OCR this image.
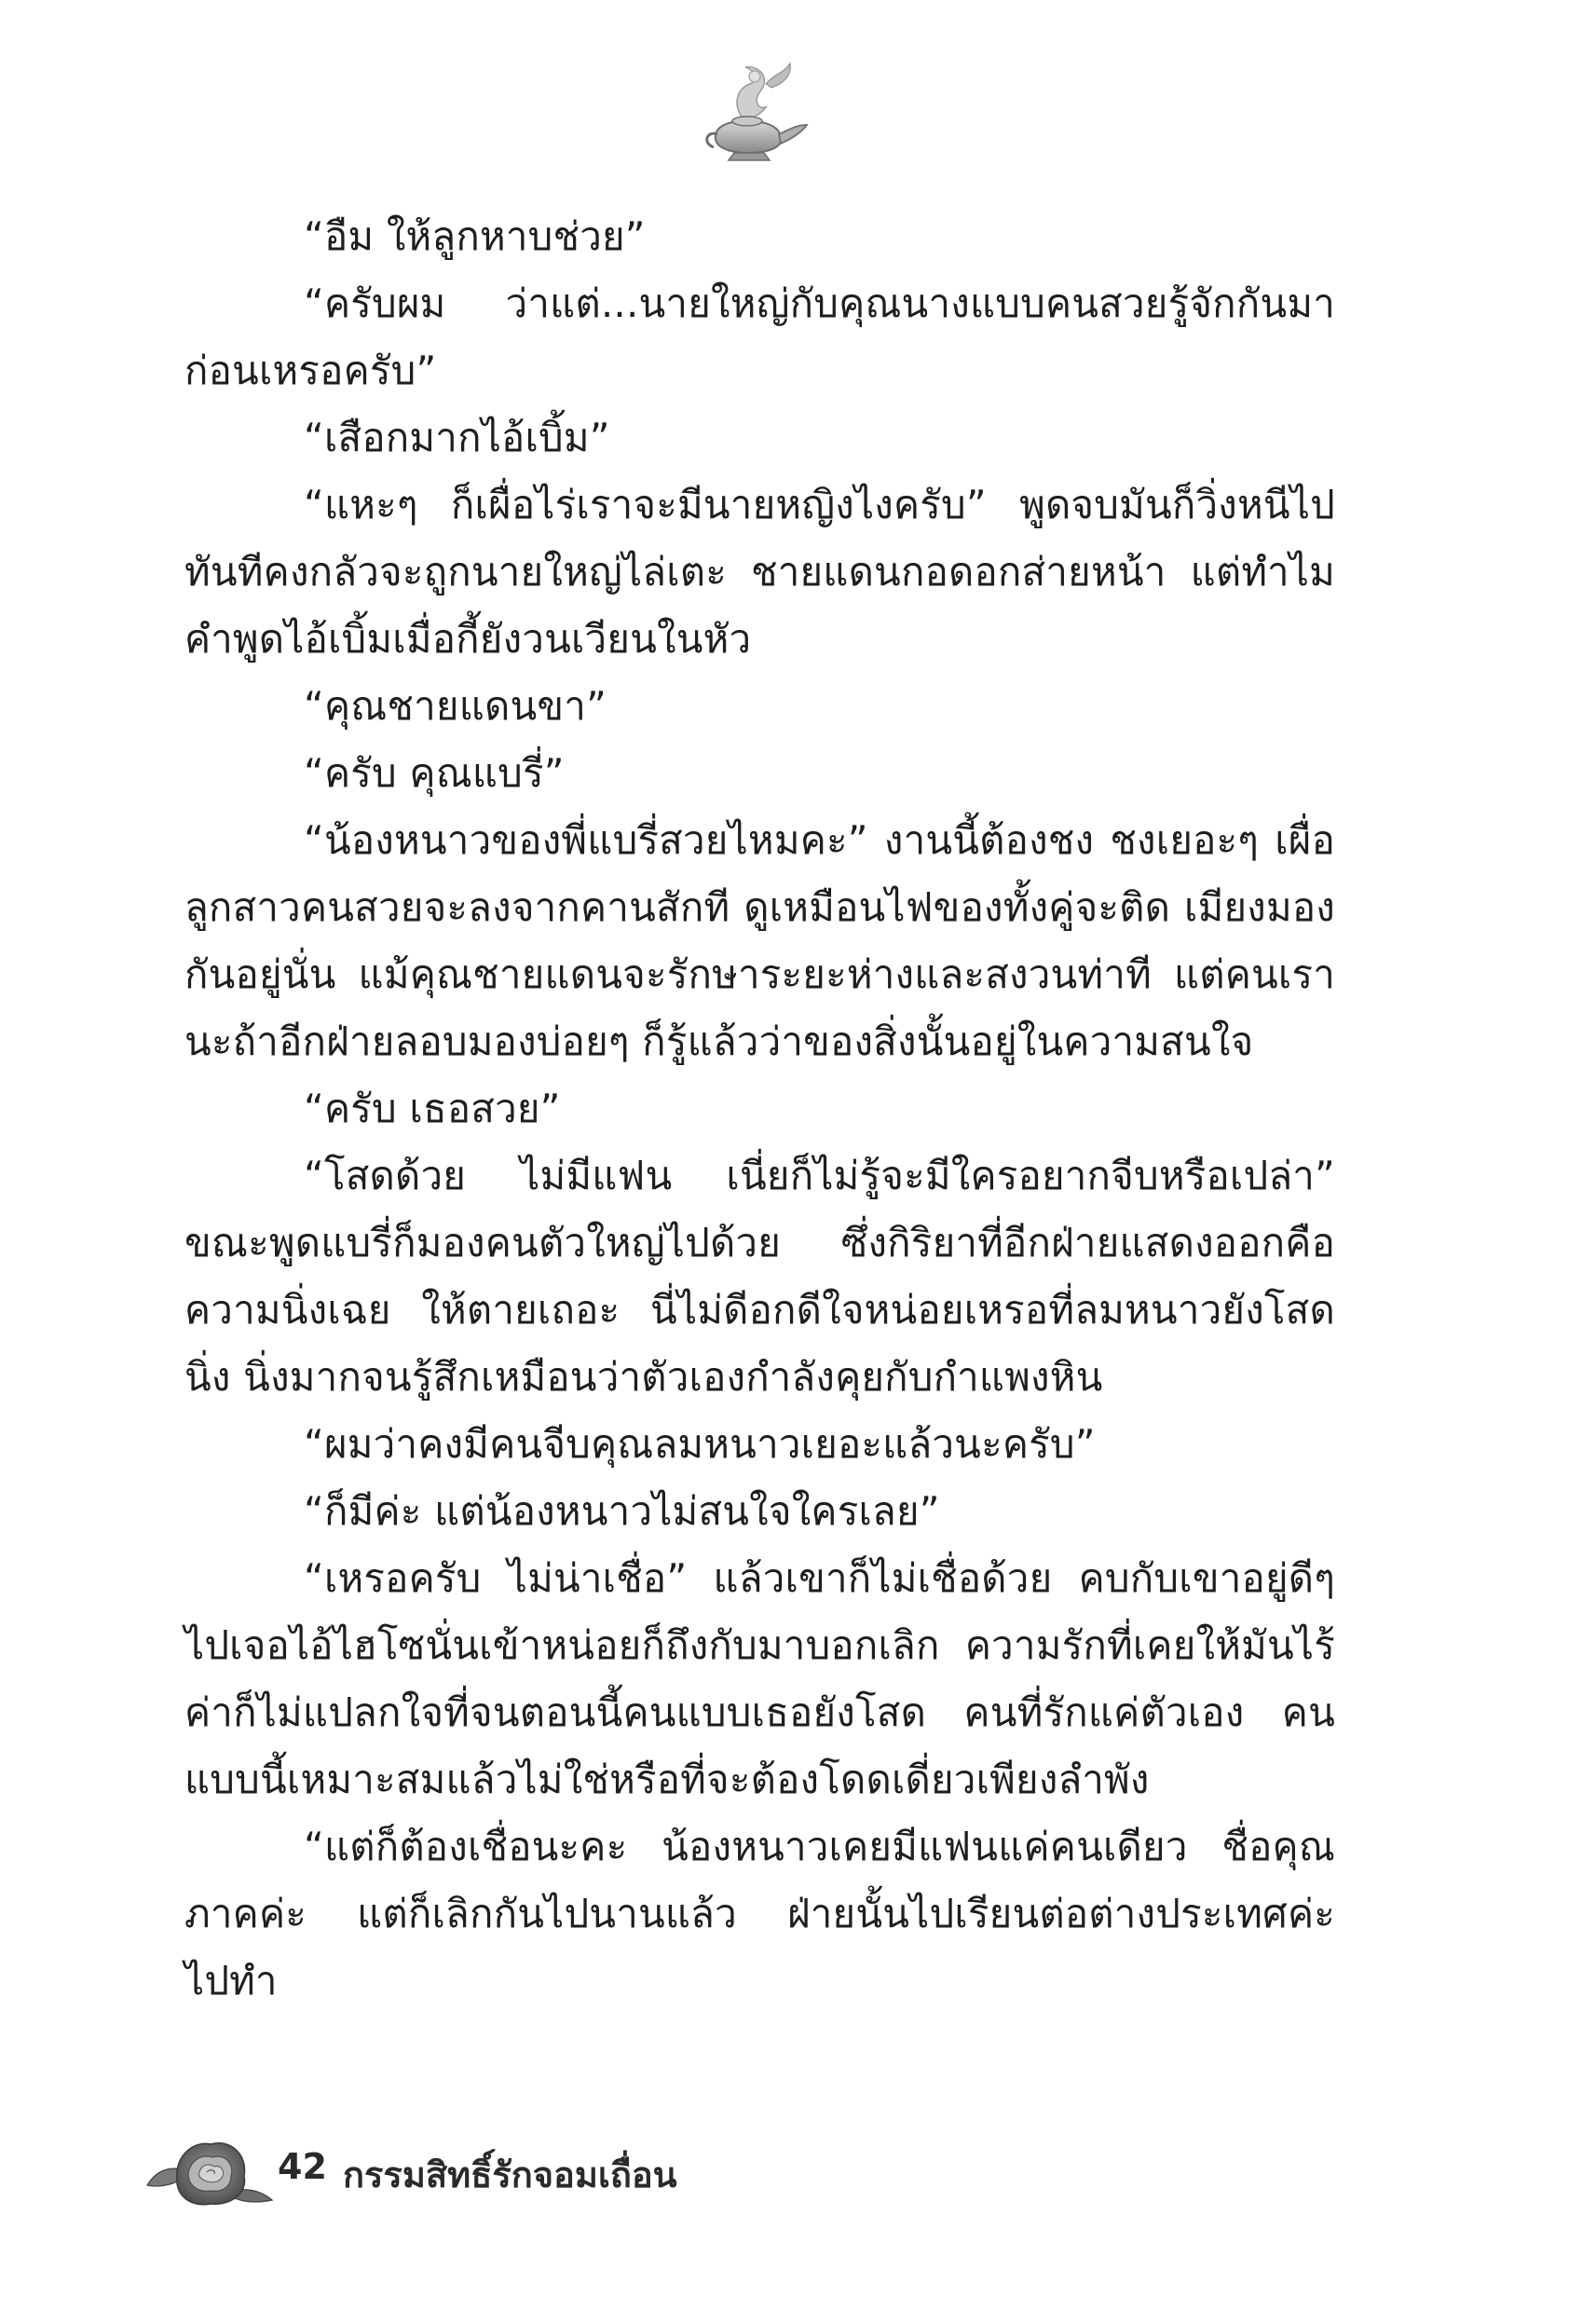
“อืม ให้ลูกหาบช่วย”

“ครับผม ว่าแต่...นายใหญ่กับคุณนางแบบคนสวยรู้จักกันมาก่อนเหรอครับ”

“เสือกมากไอ้เบิ้ม”

“แหะๆ ก็เผื่อไร่เราจะมีนายหญิงไงครับ” พูดจบมันก็วิ่งหนีไปทันทีคงกลัวจะถูกนายใหญ่ไล่เตะ ชายแดนกอดอกส่ายหน้า แต่ทำไมคำพูดไอ้เบิ้มเมื่อกี้ยังวนเวียนในหัว

“คุณชายแดนขา”

“ครับ คุณแบรี่”

“น้องหนาวของพี่แบรี่สวยไหมคะ” งานนี้ต้องชง ชงเยอะๆ เผื่อลูกสาวคนสวยจะลงจากคานสักที ดูเหมือนไฟของทั้งคู่จะติด เมียงมองกันอยู่นั่น แม้คุณชายแดนจะรักษาระยะห่างและสงวนท่าที แต่คนเรานะถ้าอีกฝ่ายลอบมองบ่อยๆ ก็รู้แล้วว่าของสิ่งนั้นอยู่ในความสนใจ

“ครับ เธอสวย”

“โสดด้วย ไม่มีแฟน เนี่ยก็ไม่รู้จะมีใครอยากจีบหรือเปล่า” ขณะพูดแบรี่ก็มองคนตัวใหญ่ไปด้วย ซึ่งกิริยาที่อีกฝ่ายแสดงออกคือความนิ่งเฉย ให้ตายเถอะ นี่ไม่ดีอกดีใจหน่อยเหรอที่ลมหนาวยังโสดนิ่ง นิ่งมากจนรู้สึกเหมือนว่าตัวเองกำลังคุยกับกำแพงหิน

“ผมว่าคงมีคนจีบคุณลมหนาวเยอะแล้วนะครับ”

“ก็มีค่ะ แต่น้องหนาวไม่สนใจใครเลย”

“เหรอครับ ไม่น่าเชื่อ” แล้วเขาก็ไม่เชื่อด้วย คบกับเขาอยู่ดีๆ ไปเจอไอ้ไฮโซนั่นเข้าหน่อยก็ถึงกับมาบอกเลิก ความรักที่เคยให้มันไร้ค่าก็ไม่แปลกใจที่จนตอนนี้คนแบบเธอยังโสด คนที่รักแค่ตัวเอง คนแบบนี้เหมาะสมแล้วไม่ใช่หรือที่จะต้องโดดเดี่ยวเพียงลำพัง

“แต่ก็ต้องเชื่อนะคะ น้องหนาวเคยมีแฟนแค่คนเดียว ชื่อคุณภาคค่ะ แต่ก็เลิกกันไปนานแล้ว ฝ่ายนั้นไปเรียนต่อต่างประเทศค่ะ ไปทำ

42 กรรมสิทธิ์รักจอมเถื่อน
